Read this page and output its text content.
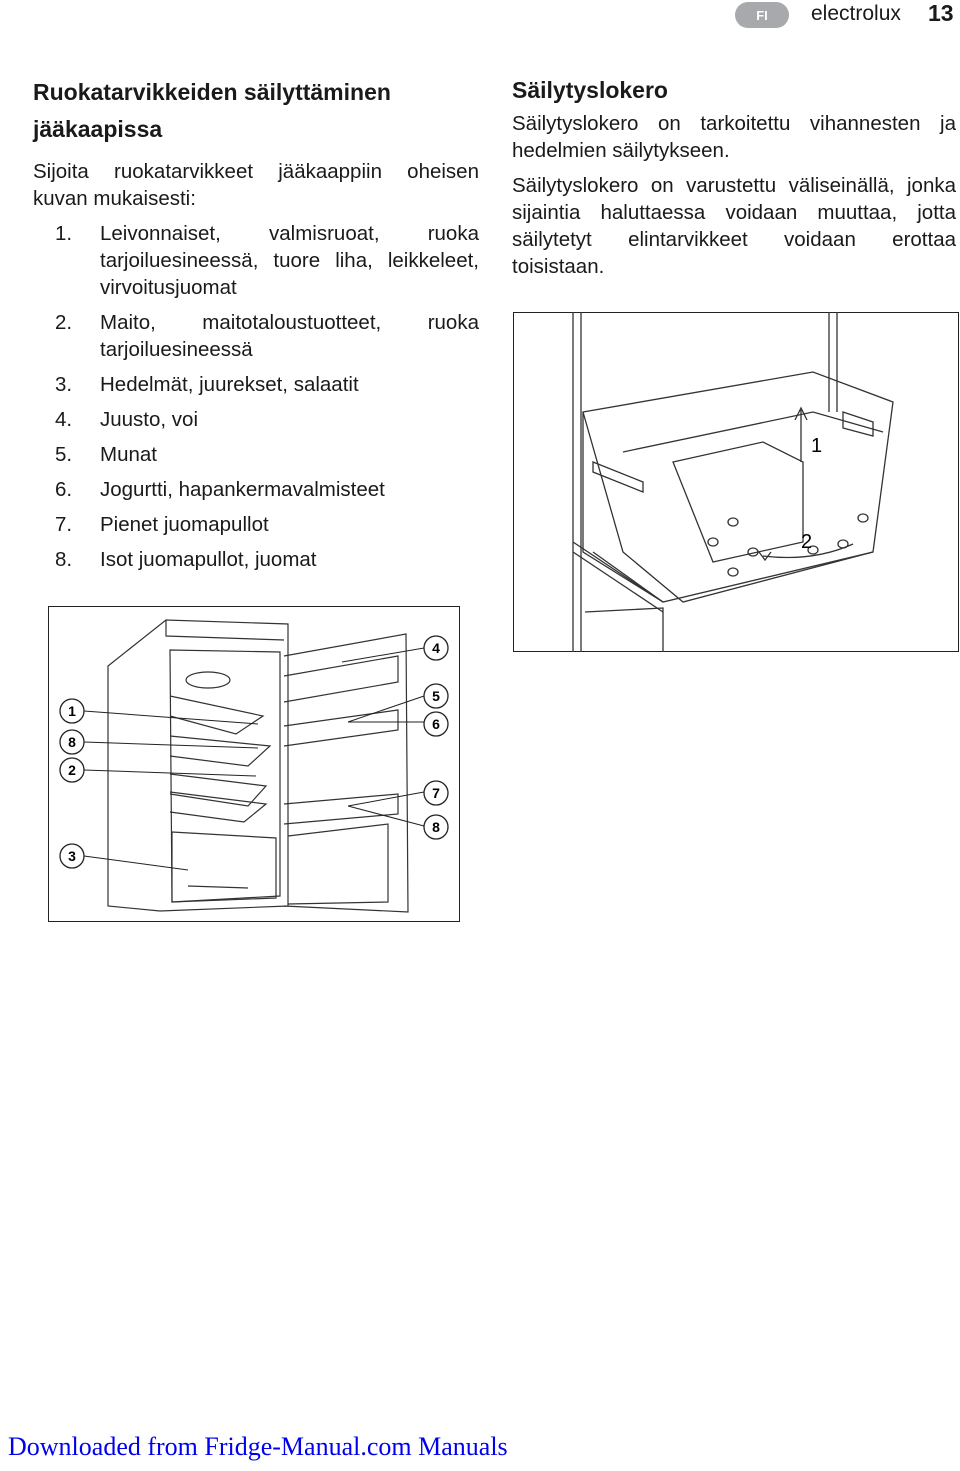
FI	electrolux 13
Ruokatarvikkeiden säilyttäminen jääkaapissa
Sijoita ruokatarvikkeet jääkaappiin oheisen kuvan mukaisesti:
1.	Leivonnaiset, valmisruoat, ruoka tarjoiluesineessä, tuore liha, leikkeleet, virvoitusjuomat
2.	Maito, maitotaloustuotteet, ruoka tarjoiluesineessä
3.	Hedelmät, juurekset, salaatit
4.	Juusto, voi
5.	Munat
6.	Jogurtti, hapankermavalmisteet
7.	Pienet juomapullot
8.	Isot juomapullot, juomat
Säilytyslokero
Säilytyslokero on tarkoitettu vihannesten ja hedelmien säilytykseen.
Säilytyslokero on varustettu väliseinällä, jonka sijaintia haluttaessa voidaan muuttaa, jotta säilytetyt elintarvikkeet voidaan erottaa toisistaan.
1
8
2
3
4
5
6
7
8
1
2
Downloaded from Fridge-Manual.com Manuals
